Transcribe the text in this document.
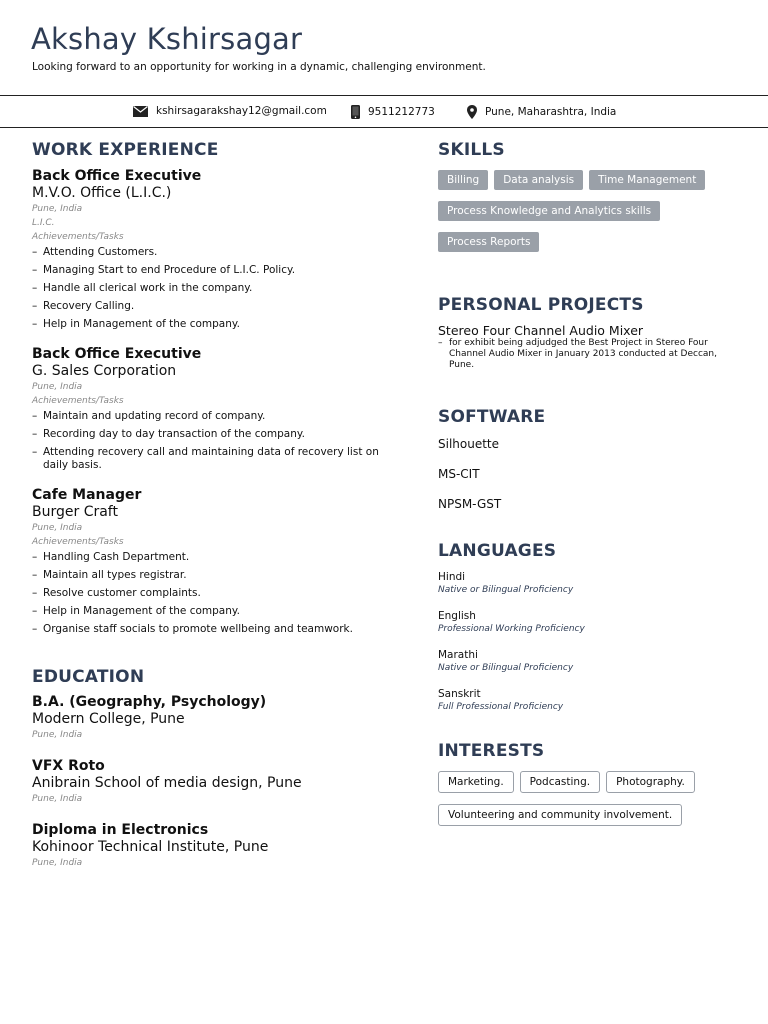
Akshay Kshirsagar
Looking forward to an opportunity for working in a dynamic, challenging environment.
kshirsagarakshay12@gmail.com	9511212773	Pune, Maharashtra, India
WORK EXPERIENCE
Back Office Executive
M.V.O. Office (L.I.C.)
Pune, India
L.I.C.
Achievements/Tasks
– Attending Customers.
– Managing Start to end Procedure of L.I.C. Policy.
– Handle all clerical work in the company.
– Recovery Calling.
– Help in Management of the company.
Back Office Executive
G. Sales Corporation
Pune, India
Achievements/Tasks
– Maintain and updating record of company.
– Recording day to day transaction of the company.
– Attending recovery call and maintaining data of recovery list on daily basis.
Cafe Manager
Burger Craft
Pune, India
Achievements/Tasks
– Handling Cash Department.
– Maintain all types registrar.
– Resolve customer complaints.
– Help in Management of the company.
– Organise staff socials to promote wellbeing and teamwork.
EDUCATION
B.A. (Geography, Psychology)
Modern College, Pune
Pune, India
VFX Roto
Anibrain School of media design, Pune
Pune, India
Diploma in Electronics
Kohinoor Technical Institute, Pune
Pune, India
SKILLS
Billing	Data analysis	Time Management
Process Knowledge and Analytics skills
Process Reports
PERSONAL PROJECTS
Stereo Four Channel Audio Mixer
– for exhibit being adjudged the Best Project in Stereo Four Channel Audio Mixer in January 2013 conducted at Deccan, Pune.
SOFTWARE
Silhouette
MS-CIT
NPSM-GST
LANGUAGES
Hindi
Native or Bilingual Proficiency
English
Professional Working Proficiency
Marathi
Native or Bilingual Proficiency
Sanskrit
Full Professional Proficiency
INTERESTS
Marketing.	Podcasting.	Photography.
Volunteering and community involvement.
